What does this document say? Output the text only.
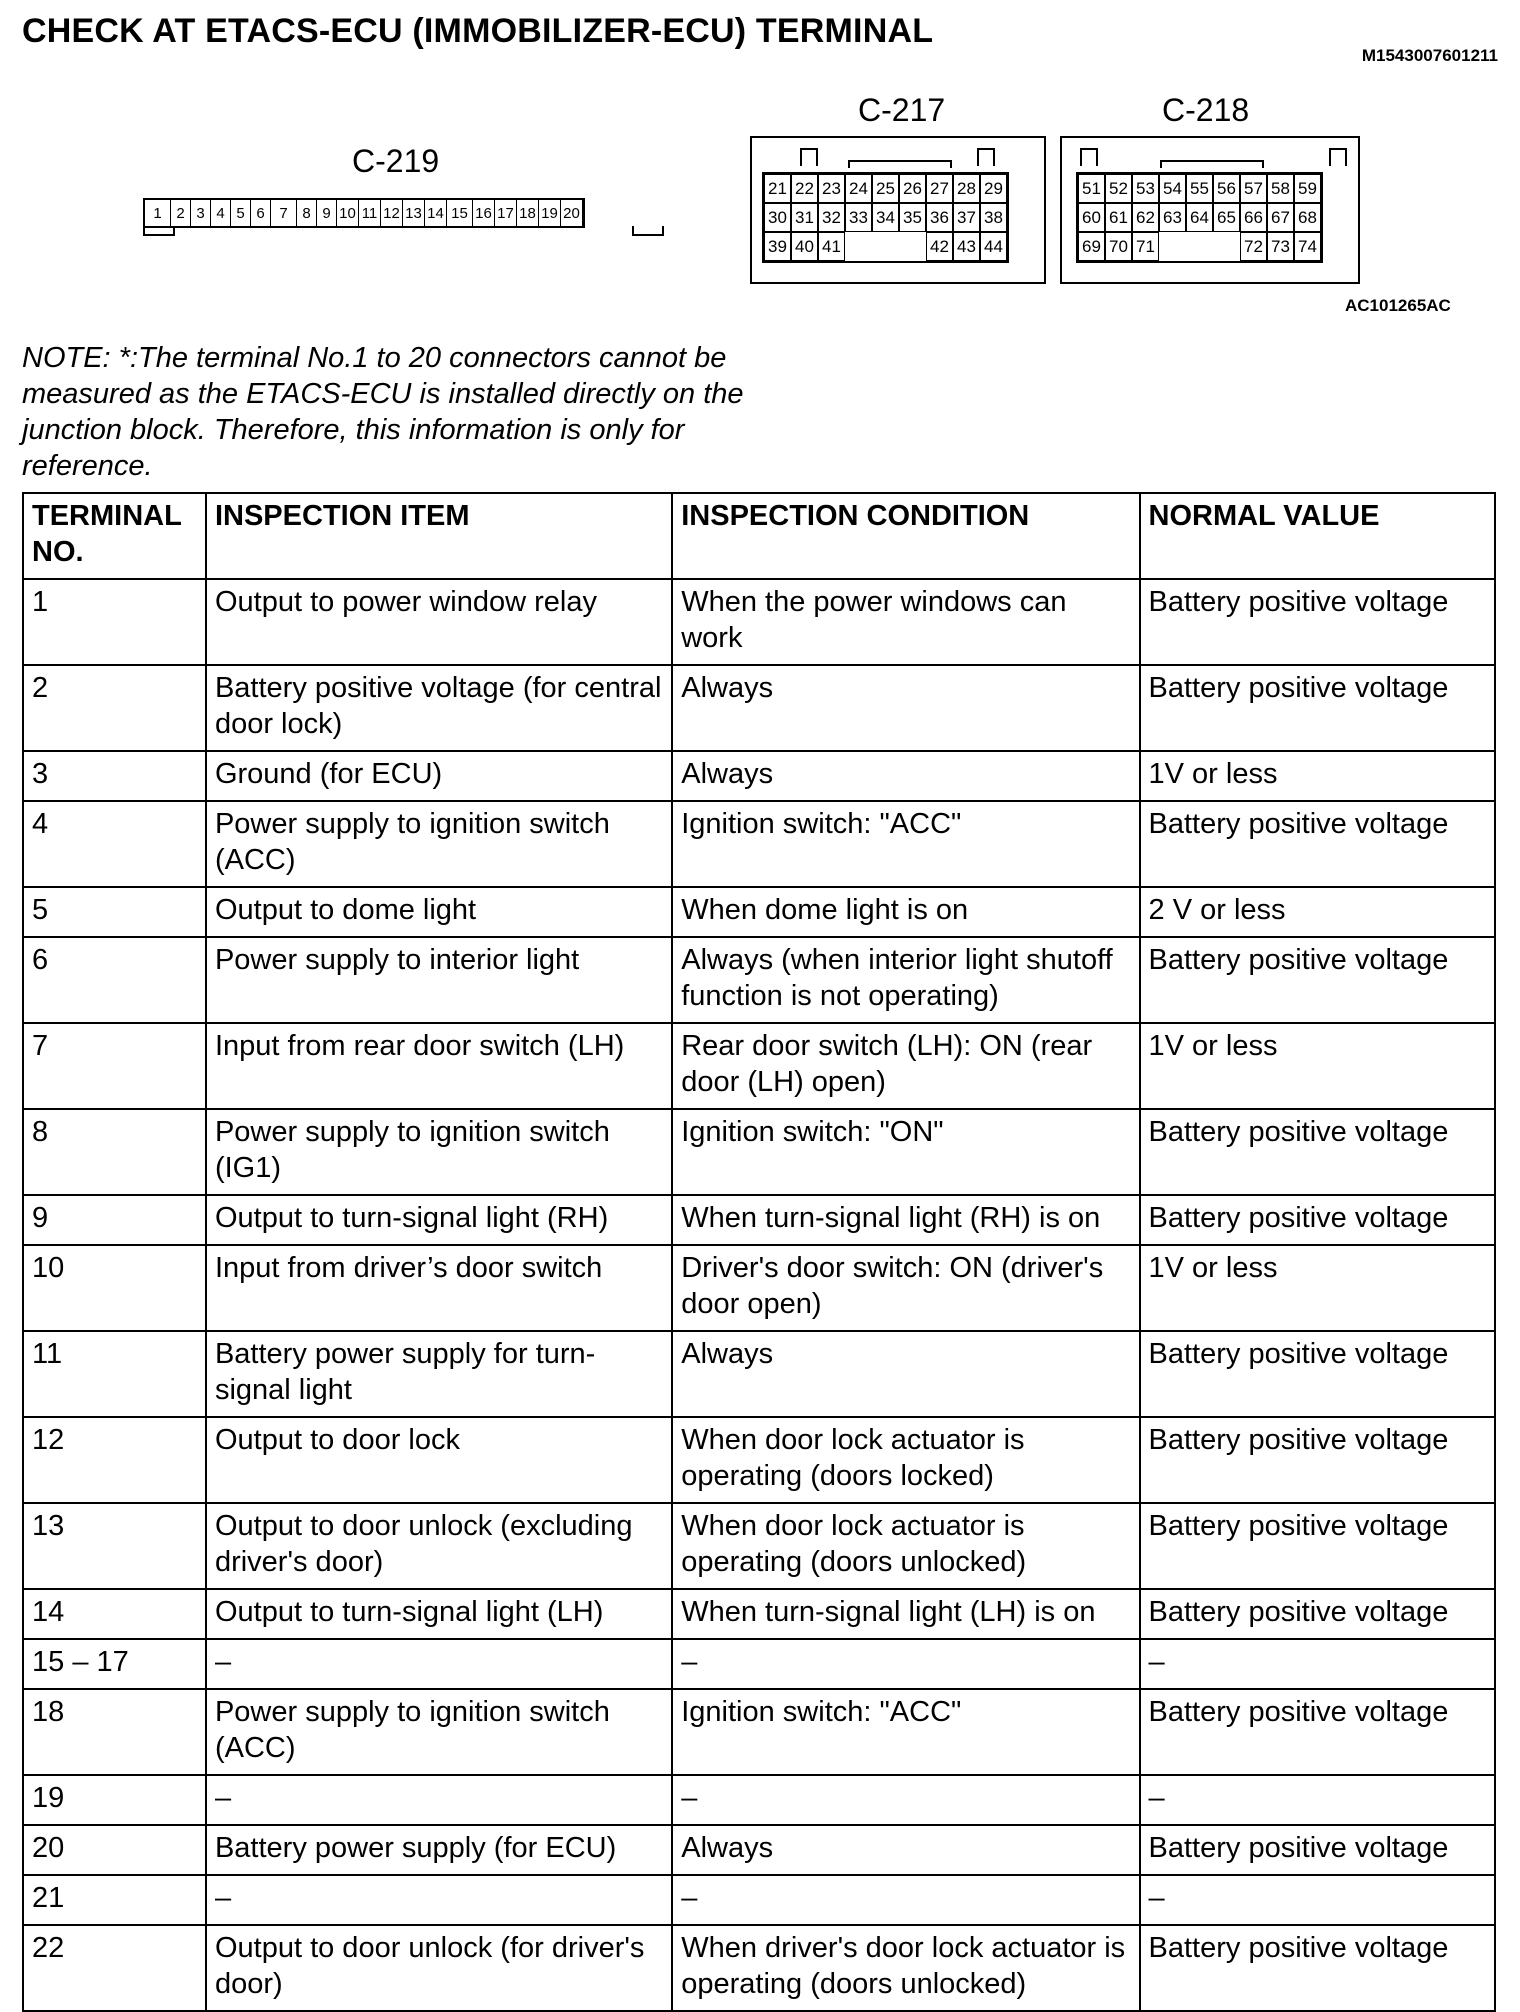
CHECK AT ETACS-ECU (IMMOBILIZER-ECU) TERMINAL
M1543007601211
C-219
1 2 3 4 5 6 7 8 9 10 11 12 13 14 15 16 17 18 19 20
C-217
21 22 23 24 25 26 27 28 29
30 31 32 33 34 35 36 37 38
39 40 41	42 43 44
C-218
51 52 53 54 55 56 57 58 59
60 61 62 63 64 65 66 67 68
69 70 71	72 73 74
AC101265AC
NOTE: *:The terminal No.1 to 20 connectors cannot be measured as the ETACS-ECU is installed directly on the junction block. Therefore, this information is only for reference.
TERMINAL NO.	INSPECTION ITEM	INSPECTION CONDITION	NORMAL VALUE
1	Output to power window relay	When the power windows can work	Battery positive voltage
2	Battery positive voltage (for central door lock)	Always	Battery positive voltage
3	Ground (for ECU)	Always	1V or less
4	Power supply to ignition switch (ACC)	Ignition switch: "ACC"	Battery positive voltage
5	Output to dome light	When dome light is on	2 V or less
6	Power supply to interior light	Always (when interior light shutoff function is not operating)	Battery positive voltage
7	Input from rear door switch (LH)	Rear door switch (LH): ON (rear door (LH) open)	1V or less
8	Power supply to ignition switch (IG1)	Ignition switch: "ON"	Battery positive voltage
9	Output to turn-signal light (RH)	When turn-signal light (RH) is on	Battery positive voltage
10	Input from driver’s door switch	Driver's door switch: ON (driver's door open)	1V or less
11	Battery power supply for turn-signal light	Always	Battery positive voltage
12	Output to door lock	When door lock actuator is operating (doors locked)	Battery positive voltage
13	Output to door unlock (excluding driver's door)	When door lock actuator is operating (doors unlocked)	Battery positive voltage
14	Output to turn-signal light (LH)	When turn-signal light (LH) is on	Battery positive voltage
15 – 17	–	–	–
18	Power supply to ignition switch (ACC)	Ignition switch: "ACC"	Battery positive voltage
19	–	–	–
20	Battery power supply (for ECU)	Always	Battery positive voltage
21	–	–	–
22	Output to door unlock (for driver's door)	When driver's door lock actuator is operating (doors unlocked)	Battery positive voltage
